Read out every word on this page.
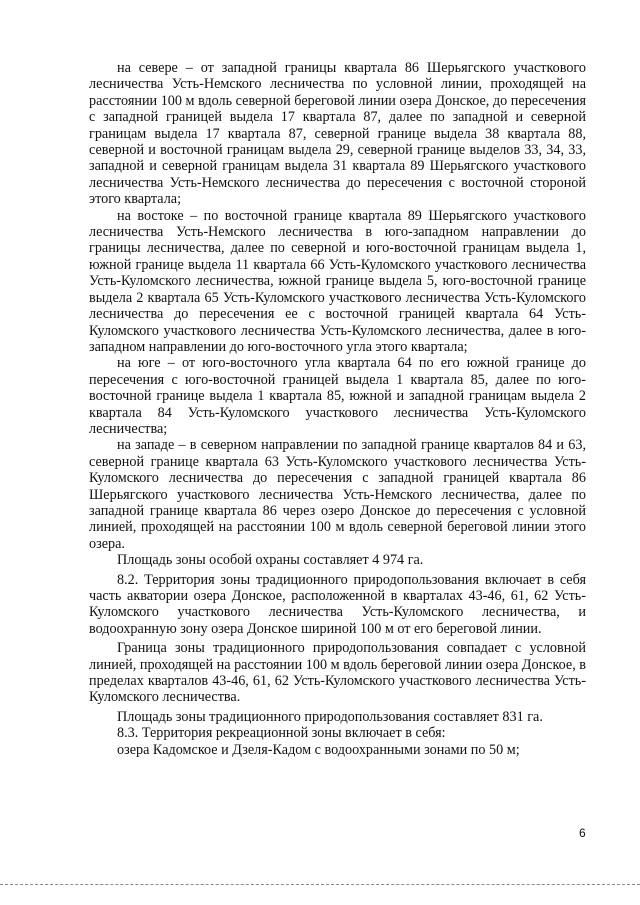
на севере – от западной границы квартала 86 Шерьягского участкового лесничества Усть-Немского лесничества по условной линии, проходящей на расстоянии 100 м вдоль северной береговой линии озера Донское, до пересечения с западной границей выдела 17 квартала 87, далее по западной и северной границам выдела 17 квартала 87, северной границе выдела 38 квартала 88, северной и восточной границам выдела 29, северной границе выделов 33, 34, 33, западной и северной границам выдела 31 квартала 89 Шерьягского участкового лесничества Усть-Немского лесничества до пересечения с восточной стороной этого квартала;

на востоке – по восточной границе квартала 89 Шерьягского участкового лесничества Усть-Немского лесничества в юго-западном направлении до границы лесничества, далее по северной и юго-восточной границам выдела 1, южной границе выдела 11 квартала 66 Усть-Куломского участкового лесничества Усть-Куломского лесничества, южной границе выдела 5, юго-восточной границе выдела 2 квартала 65 Усть-Куломского участкового лесничества Усть-Куломского лесничества до пересечения ее с восточной границей квартала 64 Усть-Куломского участкового лесничества Усть-Куломского лесничества, далее в юго-западном направлении до юго-восточного угла этого квартала;

на юге – от юго-восточного угла квартала 64 по его южной границе до пересечения с юго-восточной границей выдела 1 квартала 85, далее по юго-восточной границе выдела 1 квартала 85, южной и западной границам выдела 2 квартала 84 Усть-Куломского участкового лесничества Усть-Куломского лесничества;

на западе – в северном направлении по западной границе кварталов 84 и 63, северной границе квартала 63 Усть-Куломского участкового лесничества Усть-Куломского лесничества до пересечения с западной границей квартала 86 Шерьягского участкового лесничества Усть-Немского лесничества, далее по западной границе квартала 86 через озеро Донское до пересечения с условной линией, проходящей на расстоянии 100 м вдоль северной береговой линии этого озера.

Площадь зоны особой охраны составляет 4 974 га.

8.2. Территория зоны традиционного природопользования включает в себя часть акватории озера Донское, расположенной в кварталах 43-46, 61, 62 Усть-Куломского участкового лесничества Усть-Куломского лесничества, и водоохранную зону озера Донское шириной 100 м от его береговой линии.

Граница зоны традиционного природопользования совпадает с условной линией, проходящей на расстоянии 100 м вдоль береговой линии озера Донское, в пределах кварталов 43-46, 61, 62 Усть-Куломского участкового лесничества Усть-Куломского лесничества.

Площадь зоны традиционного природопользования составляет 831 га.

8.3. Территория рекреационной зоны включает в себя:

озера Кадомское и Дзеля-Кадом с водоохранными зонами по 50 м;

6
